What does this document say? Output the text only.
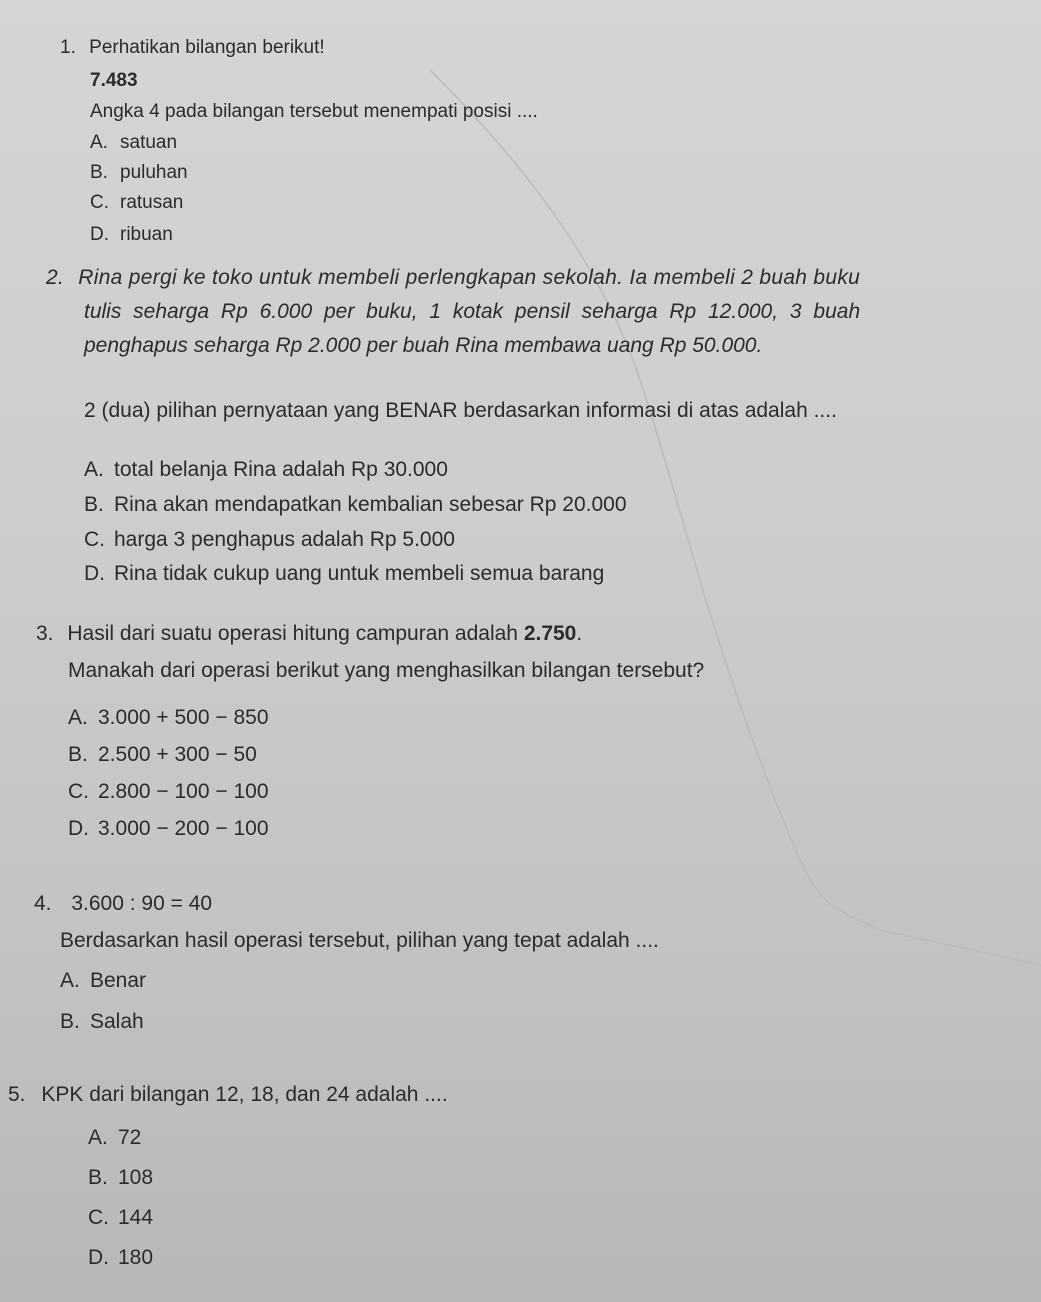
1. Perhatikan bilangan berikut!
7.483
Angka 4 pada bilangan tersebut menempati posisi ....
A. satuan
B. puluhan
C. ratusan
D. ribuan
2. Rina pergi ke toko untuk membeli perlengkapan sekolah. Ia membeli 2 buah buku
tulis seharga Rp 6.000 per buku, 1 kotak pensil seharga Rp 12.000, 3 buah
penghapus seharga Rp 2.000 per buah Rina membawa uang Rp 50.000.
2 (dua) pilihan pernyataan yang BENAR berdasarkan informasi di atas adalah ....
A. total belanja Rina adalah Rp 30.000
B. Rina akan mendapatkan kembalian sebesar Rp 20.000
C. harga 3 penghapus adalah Rp 5.000
D. Rina tidak cukup uang untuk membeli semua barang
3. Hasil dari suatu operasi hitung campuran adalah 2.750.
Manakah dari operasi berikut yang menghasilkan bilangan tersebut?
A. 3.000 + 500 − 850
B. 2.500 + 300 − 50
C. 2.800 − 100 − 100
D. 3.000 − 200 − 100
4. 3.600 : 90 = 40
Berdasarkan hasil operasi tersebut, pilihan yang tepat adalah ....
A. Benar
B. Salah
5. KPK dari bilangan 12, 18, dan 24 adalah ....
A. 72
B. 108
C. 144
D. 180
